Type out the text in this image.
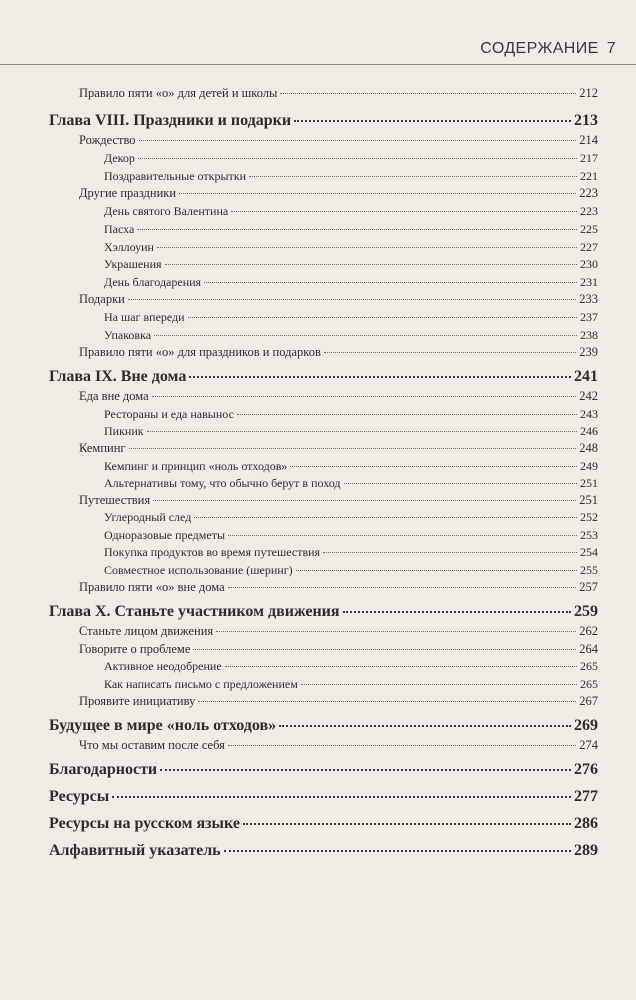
СОДЕРЖАНИЕ 7
Правило пяти «о» для детей и школы	212
Глава VIII. Праздники и подарки	213
Рождество	214
Декор	217
Поздравительные открытки	221
Другие праздники	223
День святого Валентина	223
Пасха	225
Хэллоуин	227
Украшения	230
День благодарения	231
Подарки	233
На шаг впереди	237
Упаковка	238
Правило пяти «о» для праздников и подарков	239
Глава IX. Вне дома	241
Еда вне дома	242
Рестораны и еда навынос	243
Пикник	246
Кемпинг	248
Кемпинг и принцип «ноль отходов»	249
Альтернативы тому, что обычно берут в поход	251
Путешествия	251
Углеродный след	252
Одноразовые предметы	253
Покупка продуктов во время путешествия	254
Совместное использование (шеринг)	255
Правило пяти «о» вне дома	257
Глава X. Станьте участником движения	259
Станьте лицом движения	262
Говорите о проблеме	264
Активное неодобрение	265
Как написать письмо с предложением	265
Проявите инициативу	267
Будущее в мире «ноль отходов»	269
Что мы оставим после себя	274
Благодарности	276
Ресурсы	277
Ресурсы на русском языке	286
Алфавитный указатель	289
